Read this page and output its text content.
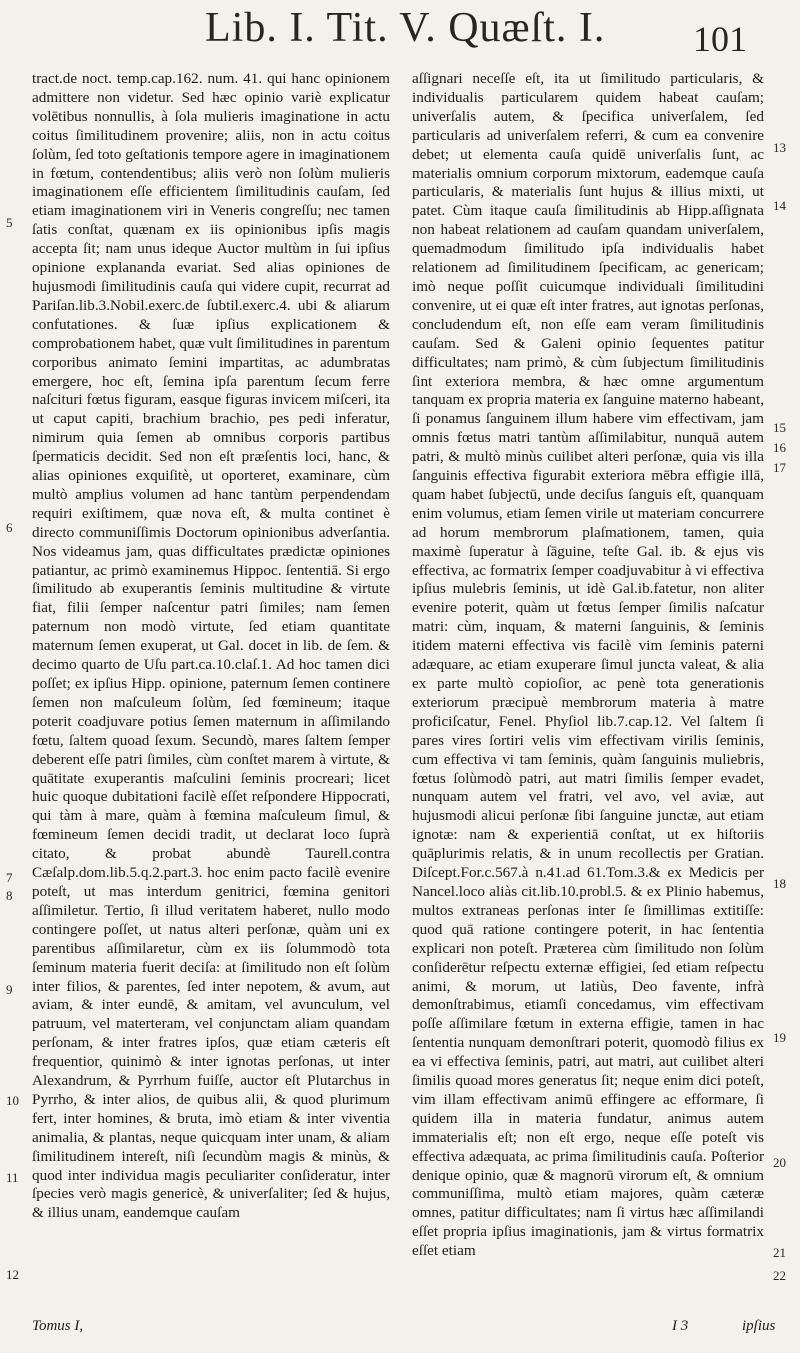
Lib. I. Tit. V. Quæſt. I. 101

tract.de noct. temp.cap.162. num. 41. qui hanc opinionem admittere non videtur. Sed hæc opinio variè explicatur volētibus nonnullis, à ſola mulieris imaginatione in actu coitus ſimilitudinem provenire; aliis, non in actu coitus ſolùm, ſed toto geſtationis tempore agere in imaginationem in fœtum, contendentibus; aliis verò non ſolùm mulieris imaginationem eſſe efficientem ſimilitudinis cauſam, ſed etiam imaginationem viri in Veneris congreſſu; nec tamen ſatis conſtat, quænam ex iis opinionibus ipſis magis accepta ſit; nam unus ideque Auctor multùm in ſui ipſius opinione explananda evariat. Sed alias opiniones de hujusmodi ſimilitudinis cauſa qui videre cupit, recurrat ad Pariſan.lib.3.Nobil.exerc.de ſubtil.exerc.4. ubi & aliarum confutationes. & ſuæ ipſius explicationem & comprobationem habet, quæ vult ſimilitudines in parentum corporibus animato ſemini impartitas, ac adumbratas emergere, hoc eſt, ſemina ipſa parentum ſecum ferre naſcituri fœtus figuram, easque figuras invicem miſceri, ita ut caput capiti, brachium brachio, pes pedi inferatur, nimirum quia ſemen ab omnibus corporis partibus ſpermaticis decidit. Sed non eſt præſentis loci, hanc, & alias opiniones exquiſitè, ut oporteret, examinare, cùm multò amplius volumen ad hanc tantùm perpendendam requiri exiſtimem, quæ nova eſt, & multa continet è directo communiſſimis Doctorum opinionibus adverſantia. Nos videamus jam, quas difficultates prædictæ opiniones patiantur, ac primò examinemus Hippoc. ſententiā. Si ergo ſimilitudo ab exuperantis ſeminis multitudine & virtute fiat, filii ſemper naſcentur patri ſimiles; nam ſemen paternum non modò virtute, ſed etiam quantitate maternum ſemen exuperat, ut Gal. docet in lib. de ſem. & decimo quarto de Uſu part.ca.10.claſ.1. Ad hoc tamen dici poſſet; ex ipſius Hipp. opinione, paternum ſemen continere ſemen non maſculeum ſolùm, ſed fœmineum; itaque poterit coadjuvare potius ſemen maternum in aſſimilando fœtu, ſaltem quoad ſexum. Secundò, mares ſaltem ſemper deberent eſſe patri ſimiles, cùm conſtet marem à virtute, & quātitate exuperantis maſculini ſeminis procreari; licet huic quoque dubitationi facilè eſſet reſpondere Hippocrati, qui tàm à mare, quàm à fœmina maſculeum ſimul, & fœmineum ſemen decidi tradit, ut declarat loco ſuprà citato, & probat abundè Taurell.contra Cæſalp.dom.lib.5.q.2.part.3. hoc enim pacto facilè evenire poteſt, ut mas interdum genitrici, fœmina genitori aſſimiletur. Tertio, ſi illud veritatem haberet, nullo modo contingere poſſet, ut natus alteri perſonæ, quàm uni ex parentibus aſſimilaretur, cùm ex iis ſolummodò tota ſeminum materia fuerit deciſa: at ſimilitudo non eſt ſolùm inter filios, & parentes, ſed inter nepotem, & avum, aut aviam, & inter eundē, & amitam, vel avunculum, vel patruum, vel materteram, vel conjunctam aliam quandam perſonam, & inter fratres ipſos, quæ etiam cæteris eſt frequentior, quinimò & inter ignotas perſonas, ut inter Alexandrum, & Pyrrhum fuiſſe, auctor eſt Plutarchus in Pyrrho, & inter alios, de quibus alii, & quod plurimum fert, inter homines, & bruta, imò etiam & inter viventia animalia, & plantas, neque quicquam inter unam, & aliam ſimilitudinem intereſt, niſi ſecundùm magis & minùs, & quod inter individua magis peculiariter conſideratur, inter ſpecies verò magis genericè, & univerſaliter; ſed & hujus, & illius unam, eandemque cauſam

aſſignari neceſſe eſt, ita ut ſimilitudo particularis, & individualis particularem quidem habeat cauſam; univerſalis autem, & ſpecifica univerſalem, ſed particularis ad univerſalem referri, & cum ea convenire debet; ut elementa cauſa quidē univerſalis ſunt, ac materialis omnium corporum mixtorum, eademque cauſa particularis, & materialis ſunt hujus & illius mixti, ut patet. Cùm itaque cauſa ſimilitudinis ab Hipp.aſſignata non habeat relationem ad cauſam quandam univerſalem, quemadmodum ſimilitudo ipſa individualis habet relationem ad ſimilitudinem ſpecificam, ac genericam; imò neque poſſit cuicumque individuali ſimilitudini convenire, ut ei quæ eſt inter fratres, aut ignotas perſonas, concludendum eſt, non eſſe eam veram ſimilitudinis cauſam. Sed & Galeni opinio ſequentes patitur difficultates; nam primò, & cùm ſubjectum ſimilitudinis ſint exteriora membra, & hæc omne argumentum tanquam ex propria materia ex ſanguine materno habeant, ſi ponamus ſanguinem illum habere vim effectivam, jam omnis fœtus matri tantùm aſſimilabitur, nunquā autem patri, & multò minùs cuilibet alteri perſonæ, quia vis illa ſanguinis effectiva figurabit exteriora mēbra effigie illā, quam habet ſubjectū, unde deciſus ſanguis eſt, quanquam enim volumus, etiam ſemen virile ut materiam concurrere ad horum membrorum plaſmationem, tamen, quia maximè ſuperatur à ſāguine, teſte Gal. ib. & ejus vis effectiva, ac formatrix ſemper coadjuvabitur à vi effectiva ipſius mulebris ſeminis, ut idè Gal.ib.fatetur, non aliter evenire poterit, quàm ut fœtus ſemper ſimilis naſcatur matri: cùm, inquam, & materni ſanguinis, & ſeminis itidem materni effectiva vis facilè vim ſeminis paterni adæquare, ac etiam exuperare ſimul juncta valeat, & alia ex parte multò copioſior, ac penè tota generationis exteriorum præcipuè membrorum materia à matre proficiſcatur, Fenel. Phyſiol lib.7.cap.12. Vel ſaltem ſi pares vires ſortiri velis vim effectivam virilis ſeminis, cum effectiva vi tam ſeminis, quàm ſanguinis muliebris, fœtus ſolùmodò patri, aut matri ſimilis ſemper evadet, nunquam autem vel fratri, vel avo, vel aviæ, aut hujusmodi alicui perſonæ ſibi ſanguine junctæ, aut etiam ignotæ: nam & experientiā conſtat, ut ex hiſtoriis quāplurimis relatis, & in unum recollectis per Gratian. Diſcept.For.c.567.à n.41.ad 61.Tom.3.& ex Medicis per Nancel.loco aliàs cit.lib.10.probl.5. & ex Plinio habemus, multos extraneas perſonas inter ſe ſimillimas extitiſſe: quod quā ratione contingere poterit, in hac ſententia explicari non poteſt. Præterea cùm ſimilitudo non ſolùm conſiderētur reſpectu externæ effigiei, ſed etiam reſpectu animi, & morum, ut latiùs, Deo favente, infrà demonſtrabimus, etiamſi concedamus, vim effectivam poſſe aſſimilare fœtum in externa effigie, tamen in hac ſententia nunquam demonſtrari poterit, quomodò filius ex ea vi effectiva ſeminis, patri, aut matri, aut cuilibet alteri ſimilis quoad mores generatus ſit; neque enim dici poteſt, vim illam effectivam animū effingere ac efformare, ſi quidem illa in materia fundatur, animus autem immaterialis eſt; non eſt ergo, neque eſſe poteſt vis effectiva adæquata, ac prima ſimilitudinis cauſa. Poſterior denique opinio, quæ & magnorū virorum eſt, & omnium communiſſima, multò etiam majores, quàm cæteræ omnes, patitur difficultates; nam ſi virtus hæc aſſimilandi eſſet propria ipſius imaginationis, jam & virtus formatrix eſſet etiam

5
6
7
8
9
10
11
12
13
14
15
16
17
18
19
20
21
22
Tomus I,	I 3	ipſius
